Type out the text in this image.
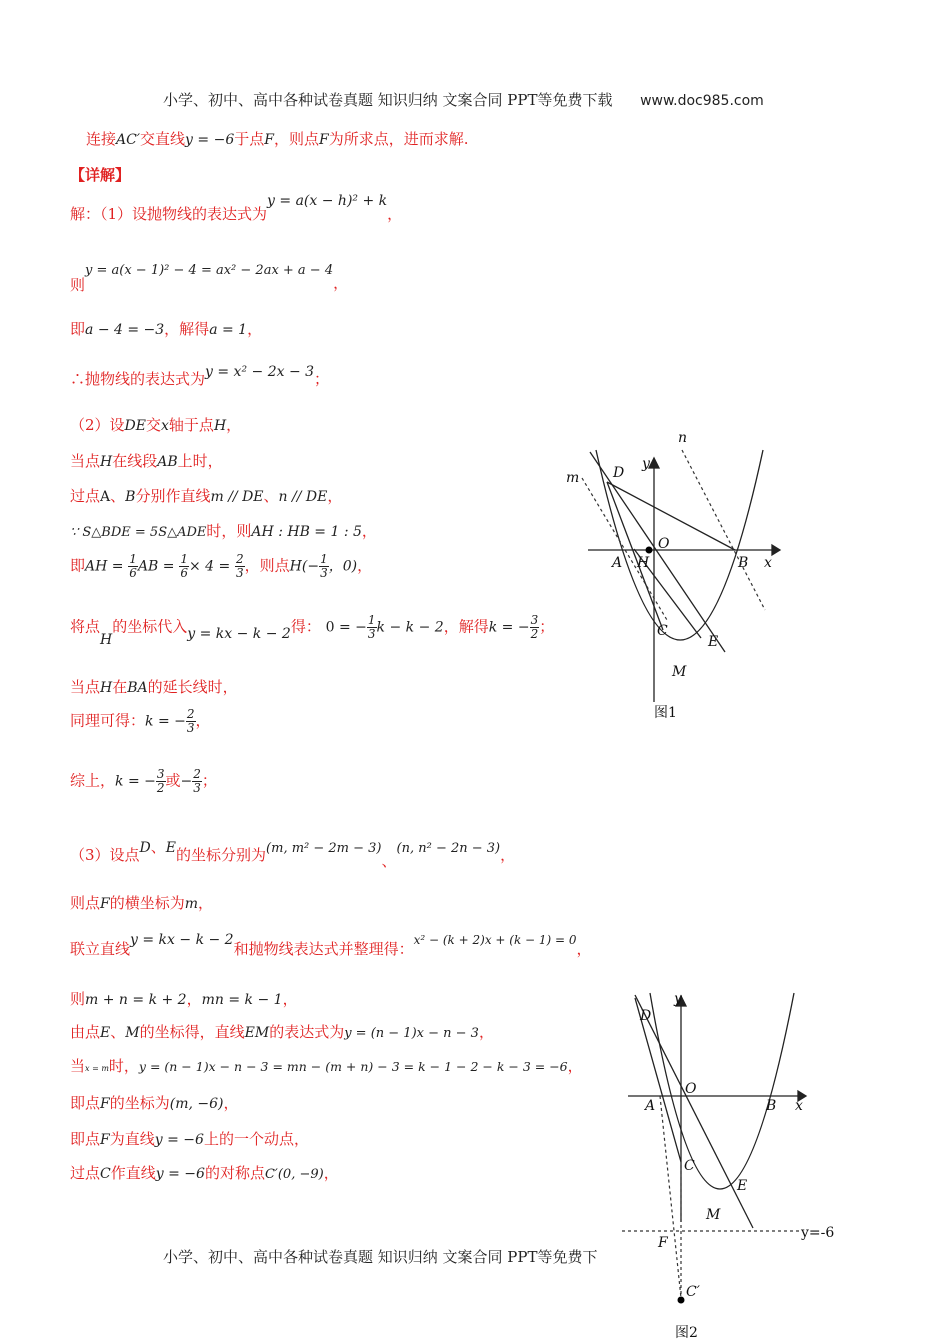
小学、初中、高中各种试卷真题 知识归纳 文案合同 PPT等免费下载 www.doc985.com
连接AC′交直线y = −6于点F，则点F为所求点，进而求解.
【详解】
解：（1）设抛物线的表达式为y = a(x − h)² + k，
则y = a(x − 1)² − 4 = ax² − 2ax + a − 4，
即a − 4 = −3，解得a = 1，
∴抛物线的表达式为y = x² − 2x − 3；
（2）设DE交x轴于点H，
当点H在线段AB上时，
过点A、B分别作直线m // DE、n // DE，
∵ S△BDE = 5S△ADE时，则AH : HB = 1 : 5，
即AH = $\frac{1}{6}$ AB = $\frac{1}{6} \times 4 = \frac{2}{3}$ ，则点$H(- \frac{1}{3}$ ，0)，
将点H的坐标代入y = kx − k − 2得： 0 = − $\frac{1}{3}$ k − k − 2，解得k = − $\frac{3}{2}$ ；
当点H在BA的延长线时，
同理可得：k = − $\frac{2}{3}$ ，
综上，k = − $\frac{3}{2}$ 或− $\frac{2}{3}$ ；
（3）设点D、E的坐标分别为(m, m² − 2m − 3)、(n, n² − 2n − 3)，
则点F的横坐标为m，
联立直线y = kx − k − 2和抛物线表达式并整理得：x² − (k + 2)x + (k − 1) = 0，
则m + n = k + 2，mn = k − 1，
由点E、M的坐标得，直线EM的表达式为y = (n − 1)x − n − 3，
当x = m时，y = (n − 1)x − n − 3 = mn − (m + n) − 3 = k − 1 − 2 − k − 3 = −6，
即点F的坐标为(m, −6)，
即点F为直线y = −6上的一个动点，
过点C作直线y = −6的对称点C′(0, −9)，
n
m
y
D
O
A H	B x
C
E
M
图1
y
D
O
A	B x
C
E
M
F
C′
y=-6
图2
小学、初中、高中各种试卷真题 知识归纳 文案合同 PPT等免费下
